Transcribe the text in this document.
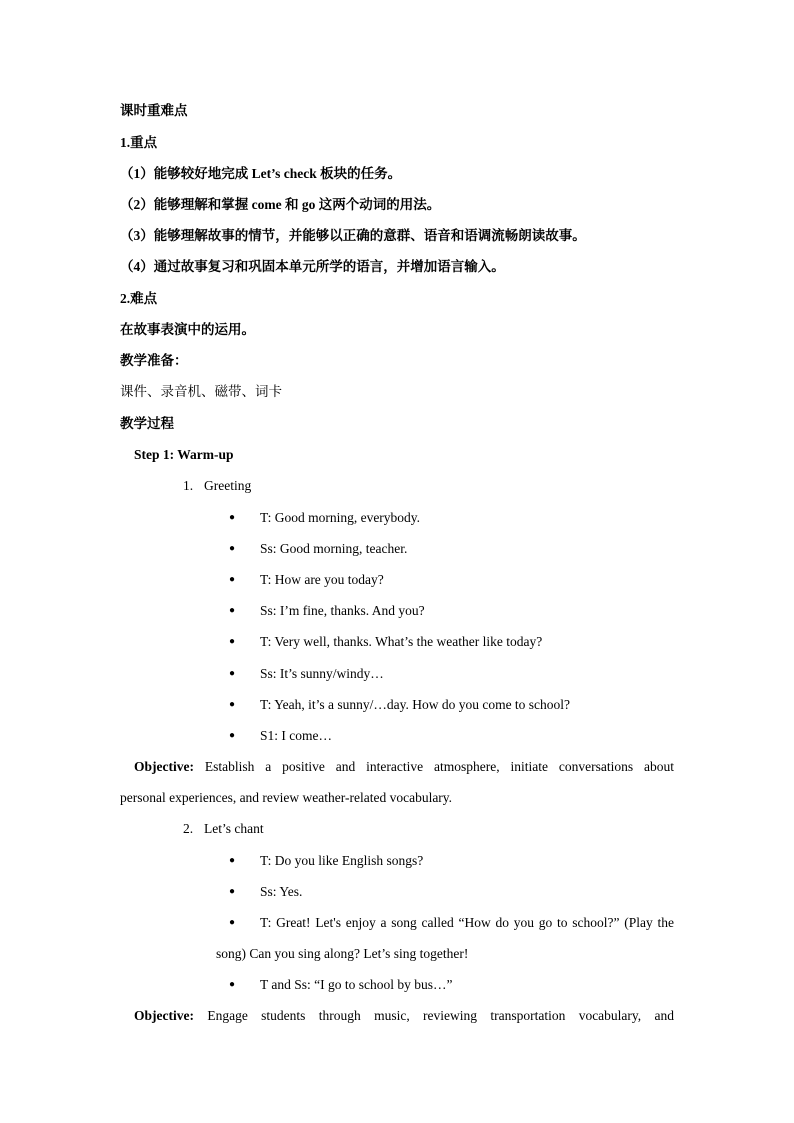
课时重难点
1.重点
（1）能够较好地完成 Let’s check 板块的任务。
（2）能够理解和掌握 come 和 go 这两个动词的用法。
（3）能够理解故事的情节，并能够以正确的意群、语音和语调流畅朗读故事。
（4）通过故事复习和巩固本单元所学的语言，并增加语言输入。
2.难点
在故事表演中的运用。
教学准备：
课件、录音机、磁带、词卡
教学过程
Step 1: Warm-up
1. Greeting
● T: Good morning, everybody.
● Ss: Good morning, teacher.
● T: How are you today?
● Ss: I’m fine, thanks. And you?
● T: Very well, thanks. What’s the weather like today?
● Ss: It’s sunny/windy…
● T: Yeah, it’s a sunny/…day. How do you come to school?
● S1: I come…
Objective: Establish a positive and interactive atmosphere, initiate conversations about
personal experiences, and review weather-related vocabulary.
2. Let’s chant
● T: Do you like English songs?
● Ss: Yes.
● T: Great! Let's enjoy a song called “How do you go to school?” (Play the
song) Can you sing along? Let’s sing together!
● T and Ss: “I go to school by bus…”
Objective: Engage students through music, reviewing transportation vocabulary, and
